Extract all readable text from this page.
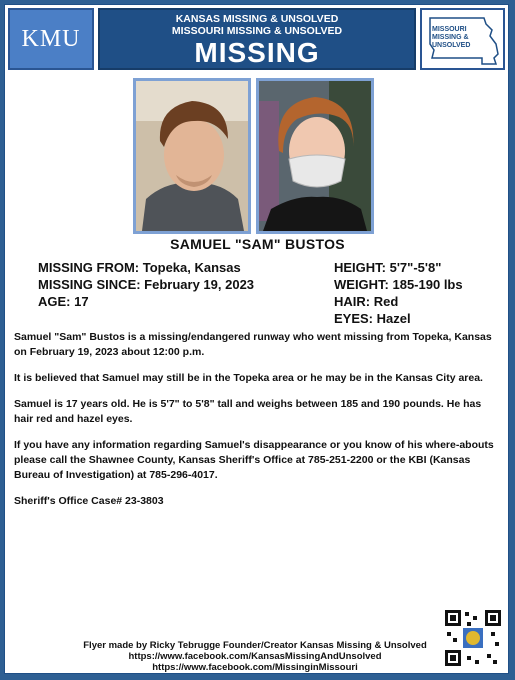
KMU
KANSAS MISSING & UNSOLVED
MISSOURI MISSING & UNSOLVED
MISSING
MISSOURI
MISSING &
UNSOLVED
SAMUEL "SAM" BUSTOS
MISSING FROM: Topeka, Kansas
MISSING SINCE: February 19, 2023
AGE: 17
HEIGHT: 5'7"-5'8"
WEIGHT: 185-190 lbs
HAIR: Red
EYES: Hazel

Samuel "Sam" Bustos is a missing/endangered runway who went missing from Topeka, Kansas on February 19, 2023 about 12:00 p.m.

It is believed that Samuel may still be in the Topeka area or he may be in the Kansas City area.

Samuel is 17 years old. He is 5'7" to 5'8" tall and weighs between 185 and 190 pounds. He has hair red and hazel eyes.

If you have any information regarding Samuel's disappearance or you know of his where-abouts please call the Shawnee County, Kansas Sheriff's Office at 785-251-2200 or the KBI (Kansas Bureau of Investigation) at 785-296-4017.

Sheriff's Office Case# 23-3803

Flyer made by Ricky Tebrugge Founder/Creator Kansas Missing & Unsolved
https://www.facebook.com/KansasMissingAndUnsolved
https://www.facebook.com/MissinginMissouri
